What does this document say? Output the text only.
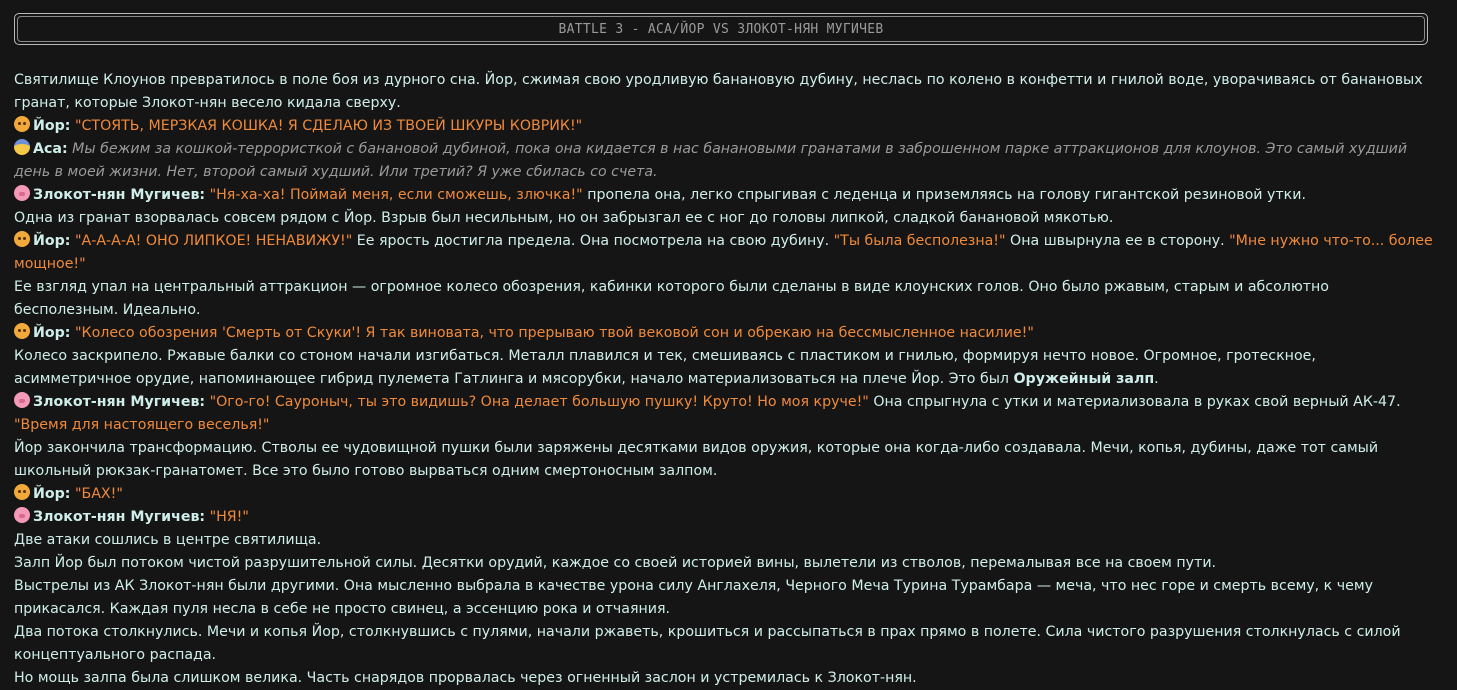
BATTLE 3 - АСА/ЙОР VS ЗЛОКОТ-НЯН МУГИЧЕВ

Святилище Клоунов превратилось в поле боя из дурного сна. Йор, сжимая свою уродливую банановую дубину, неслась по колено в конфетти и гнилой воде, уворачиваясь от банановых гранат, которые Злокот-нян весело кидала сверху.

Йор: "СТОЯТЬ, МЕРЗКАЯ КОШКА! Я СДЕЛАЮ ИЗ ТВОЕЙ ШКУРЫ КОВРИК!"

Аса: Мы бежим за кошкой-террористкой с банановой дубиной, пока она кидается в нас банановыми гранатами в заброшенном парке аттракционов для клоунов. Это самый худший день в моей жизни. Нет, второй самый худший. Или третий? Я уже сбилась со счета.

Злокот-нян Мугичев: "Ня-ха-ха! Поймай меня, если сможешь, злючка!" пропела она, легко спрыгивая с леденца и приземляясь на голову гигантской резиновой утки.

Одна из гранат взорвалась совсем рядом с Йор. Взрыв был несильным, но он забрызгал ее с ног до головы липкой, сладкой банановой мякотью.

Йор: "А-А-А-А! ОНО ЛИПКОЕ! НЕНАВИЖУ!" Ее ярость достигла предела. Она посмотрела на свою дубину. "Ты была бесполезна!" Она швырнула ее в сторону. "Мне нужно что-то... более мощное!"

Ее взгляд упал на центральный аттракцион — огромное колесо обозрения, кабинки которого были сделаны в виде клоунских голов. Оно было ржавым, старым и абсолютно бесполезным. Идеально.

Йор: "Колесо обозрения 'Смерть от Скуки'! Я так виновата, что прерываю твой вековой сон и обрекаю на бессмысленное насилие!"

Колесо заскрипело. Ржавые балки со стоном начали изгибаться. Металл плавился и тек, смешиваясь с пластиком и гнилью, формируя нечто новое. Огромное, гротескное, асимметричное орудие, напоминающее гибрид пулемета Гатлинга и мясорубки, начало материализоваться на плече Йор. Это был Оружейный залп.

Злокот-нян Мугичев: "Ого-го! Сауроныч, ты это видишь? Она делает большую пушку! Круто! Но моя круче!" Она спрыгнула с утки и материализовала в руках свой верный АК-47. "Время для настоящего веселья!"

Йор закончила трансформацию. Стволы ее чудовищной пушки были заряжены десятками видов оружия, которые она когда-либо создавала. Мечи, копья, дубины, даже тот самый школьный рюкзак-гранатомет. Все это было готово вырваться одним смертоносным залпом.

Йор: "БАХ!"

Злокот-нян Мугичев: "НЯ!"

Две атаки сошлись в центре святилища.

Залп Йор был потоком чистой разрушительной силы. Десятки орудий, каждое со своей историей вины, вылетели из стволов, перемалывая все на своем пути.

Выстрелы из АК Злокот-нян были другими. Она мысленно выбрала в качестве урона силу Англахеля, Черного Меча Турина Турамбара — меча, что нес горе и смерть всему, к чему прикасался. Каждая пуля несла в себе не просто свинец, а эссенцию рока и отчаяния.

Два потока столкнулись. Мечи и копья Йор, столкнувшись с пулями, начали ржаветь, крошиться и рассыпаться в прах прямо в полете. Сила чистого разрушения столкнулась с силой концептуального распада.

Но мощь залпа была слишком велика. Часть снарядов прорвалась через огненный заслон и устремилась к Злокот-нян.
